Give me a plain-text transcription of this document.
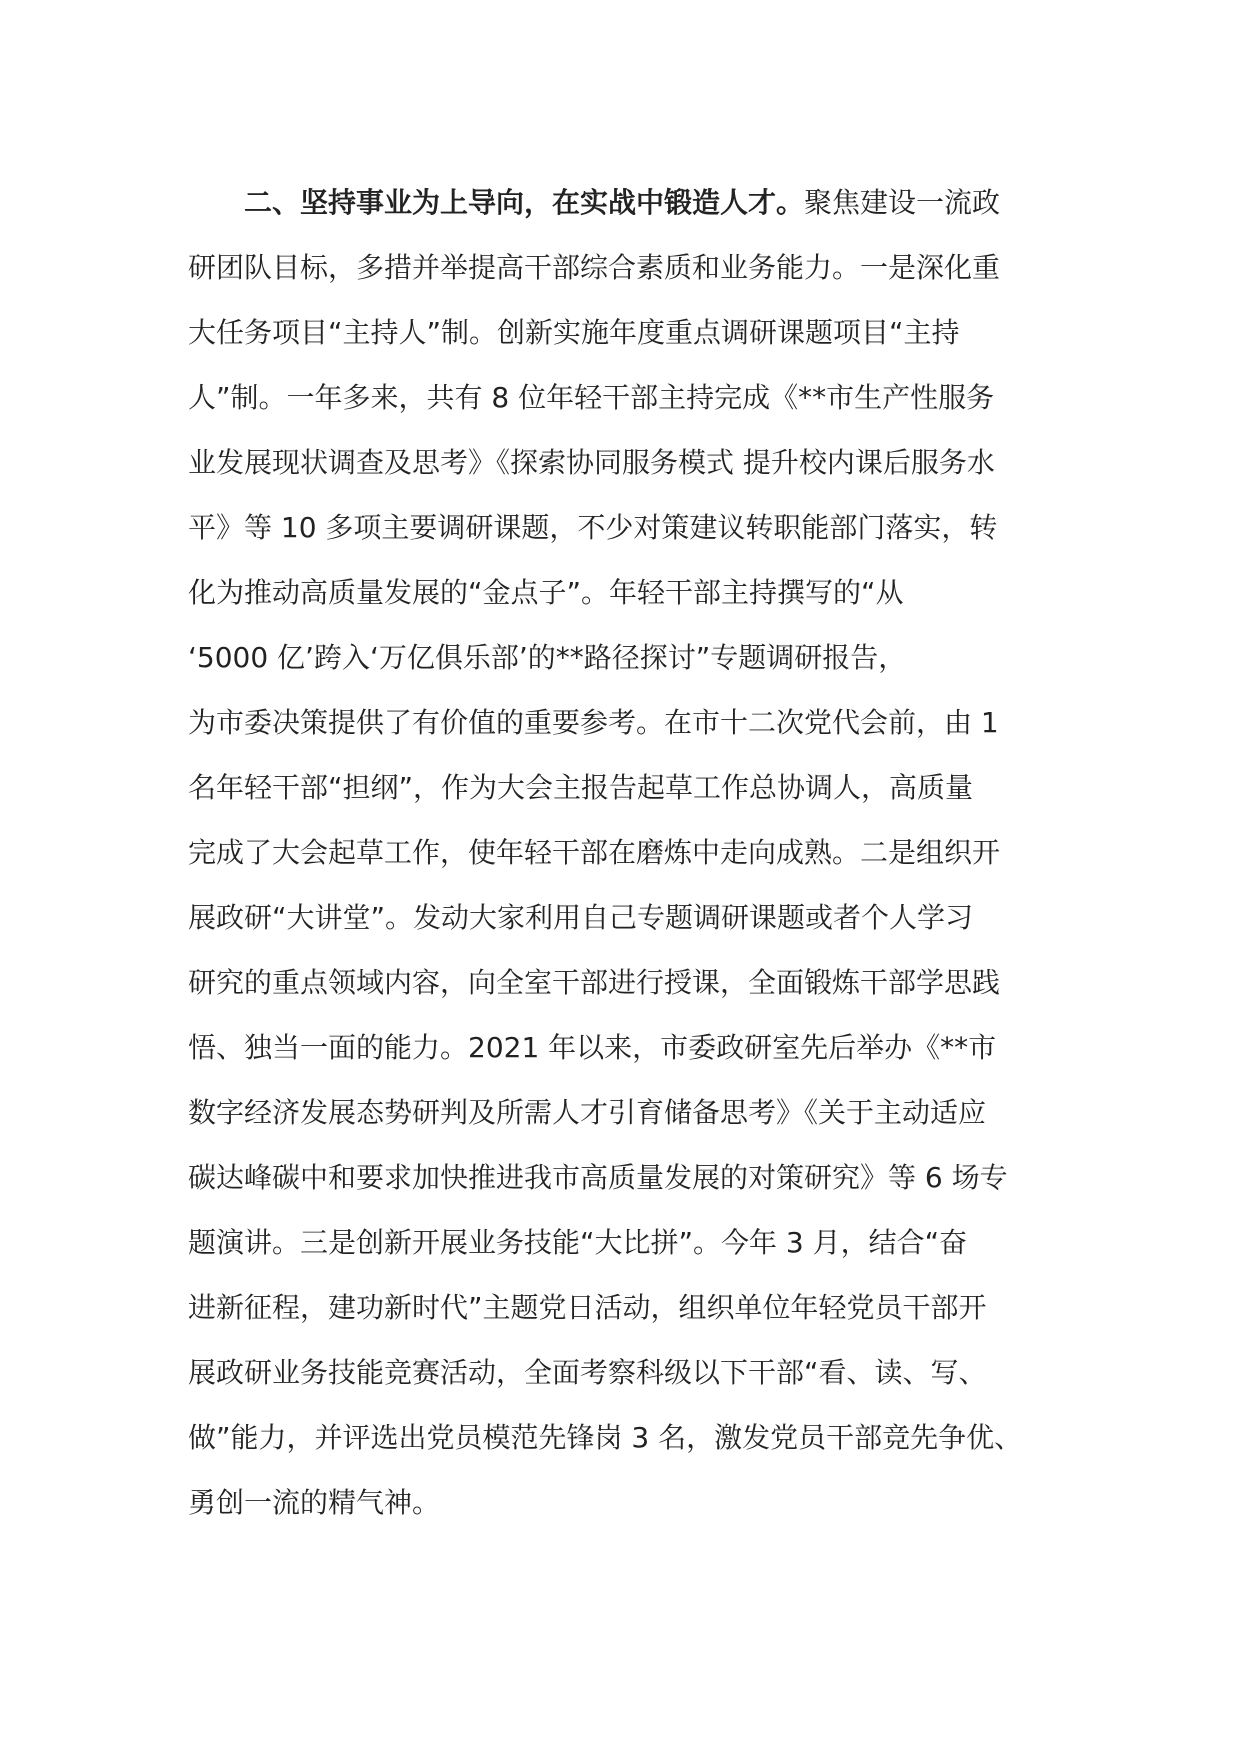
二、坚持事业为上导向，在实战中锻造人才。聚焦建设一流政
研团队目标，多措并举提高干部综合素质和业务能力。一是深化重
大任务项目“主持人”制。创新实施年度重点调研课题项目“主持
人”制。一年多来，共有 8 位年轻干部主持完成《**市生产性服务
业发展现状调查及思考》《探索协同服务模式 提升校内课后服务水
平》等 10 多项主要调研课题，不少对策建议转职能部门落实，转
化为推动高质量发展的“金点子”。年轻干部主持撰写的“从
‘5000 亿’跨入‘万亿俱乐部’的**路径探讨”专题调研报告，
为市委决策提供了有价值的重要参考。在市十二次党代会前，由 1
名年轻干部“担纲”，作为大会主报告起草工作总协调人，高质量
完成了大会起草工作，使年轻干部在磨炼中走向成熟。二是组织开
展政研“大讲堂”。发动大家利用自己专题调研课题或者个人学习
研究的重点领域内容，向全室干部进行授课，全面锻炼干部学思践
悟、独当一面的能力。2021 年以来，市委政研室先后举办《**市
数字经济发展态势研判及所需人才引育储备思考》《关于主动适应
碳达峰碳中和要求加快推进我市高质量发展的对策研究》等 6 场专
题演讲。三是创新开展业务技能“大比拼”。今年 3 月，结合“奋
进新征程，建功新时代”主题党日活动，组织单位年轻党员干部开
展政研业务技能竞赛活动，全面考察科级以下干部“看、读、写、
做”能力，并评选出党员模范先锋岗 3 名，激发党员干部竞先争优、
勇创一流的精气神。
